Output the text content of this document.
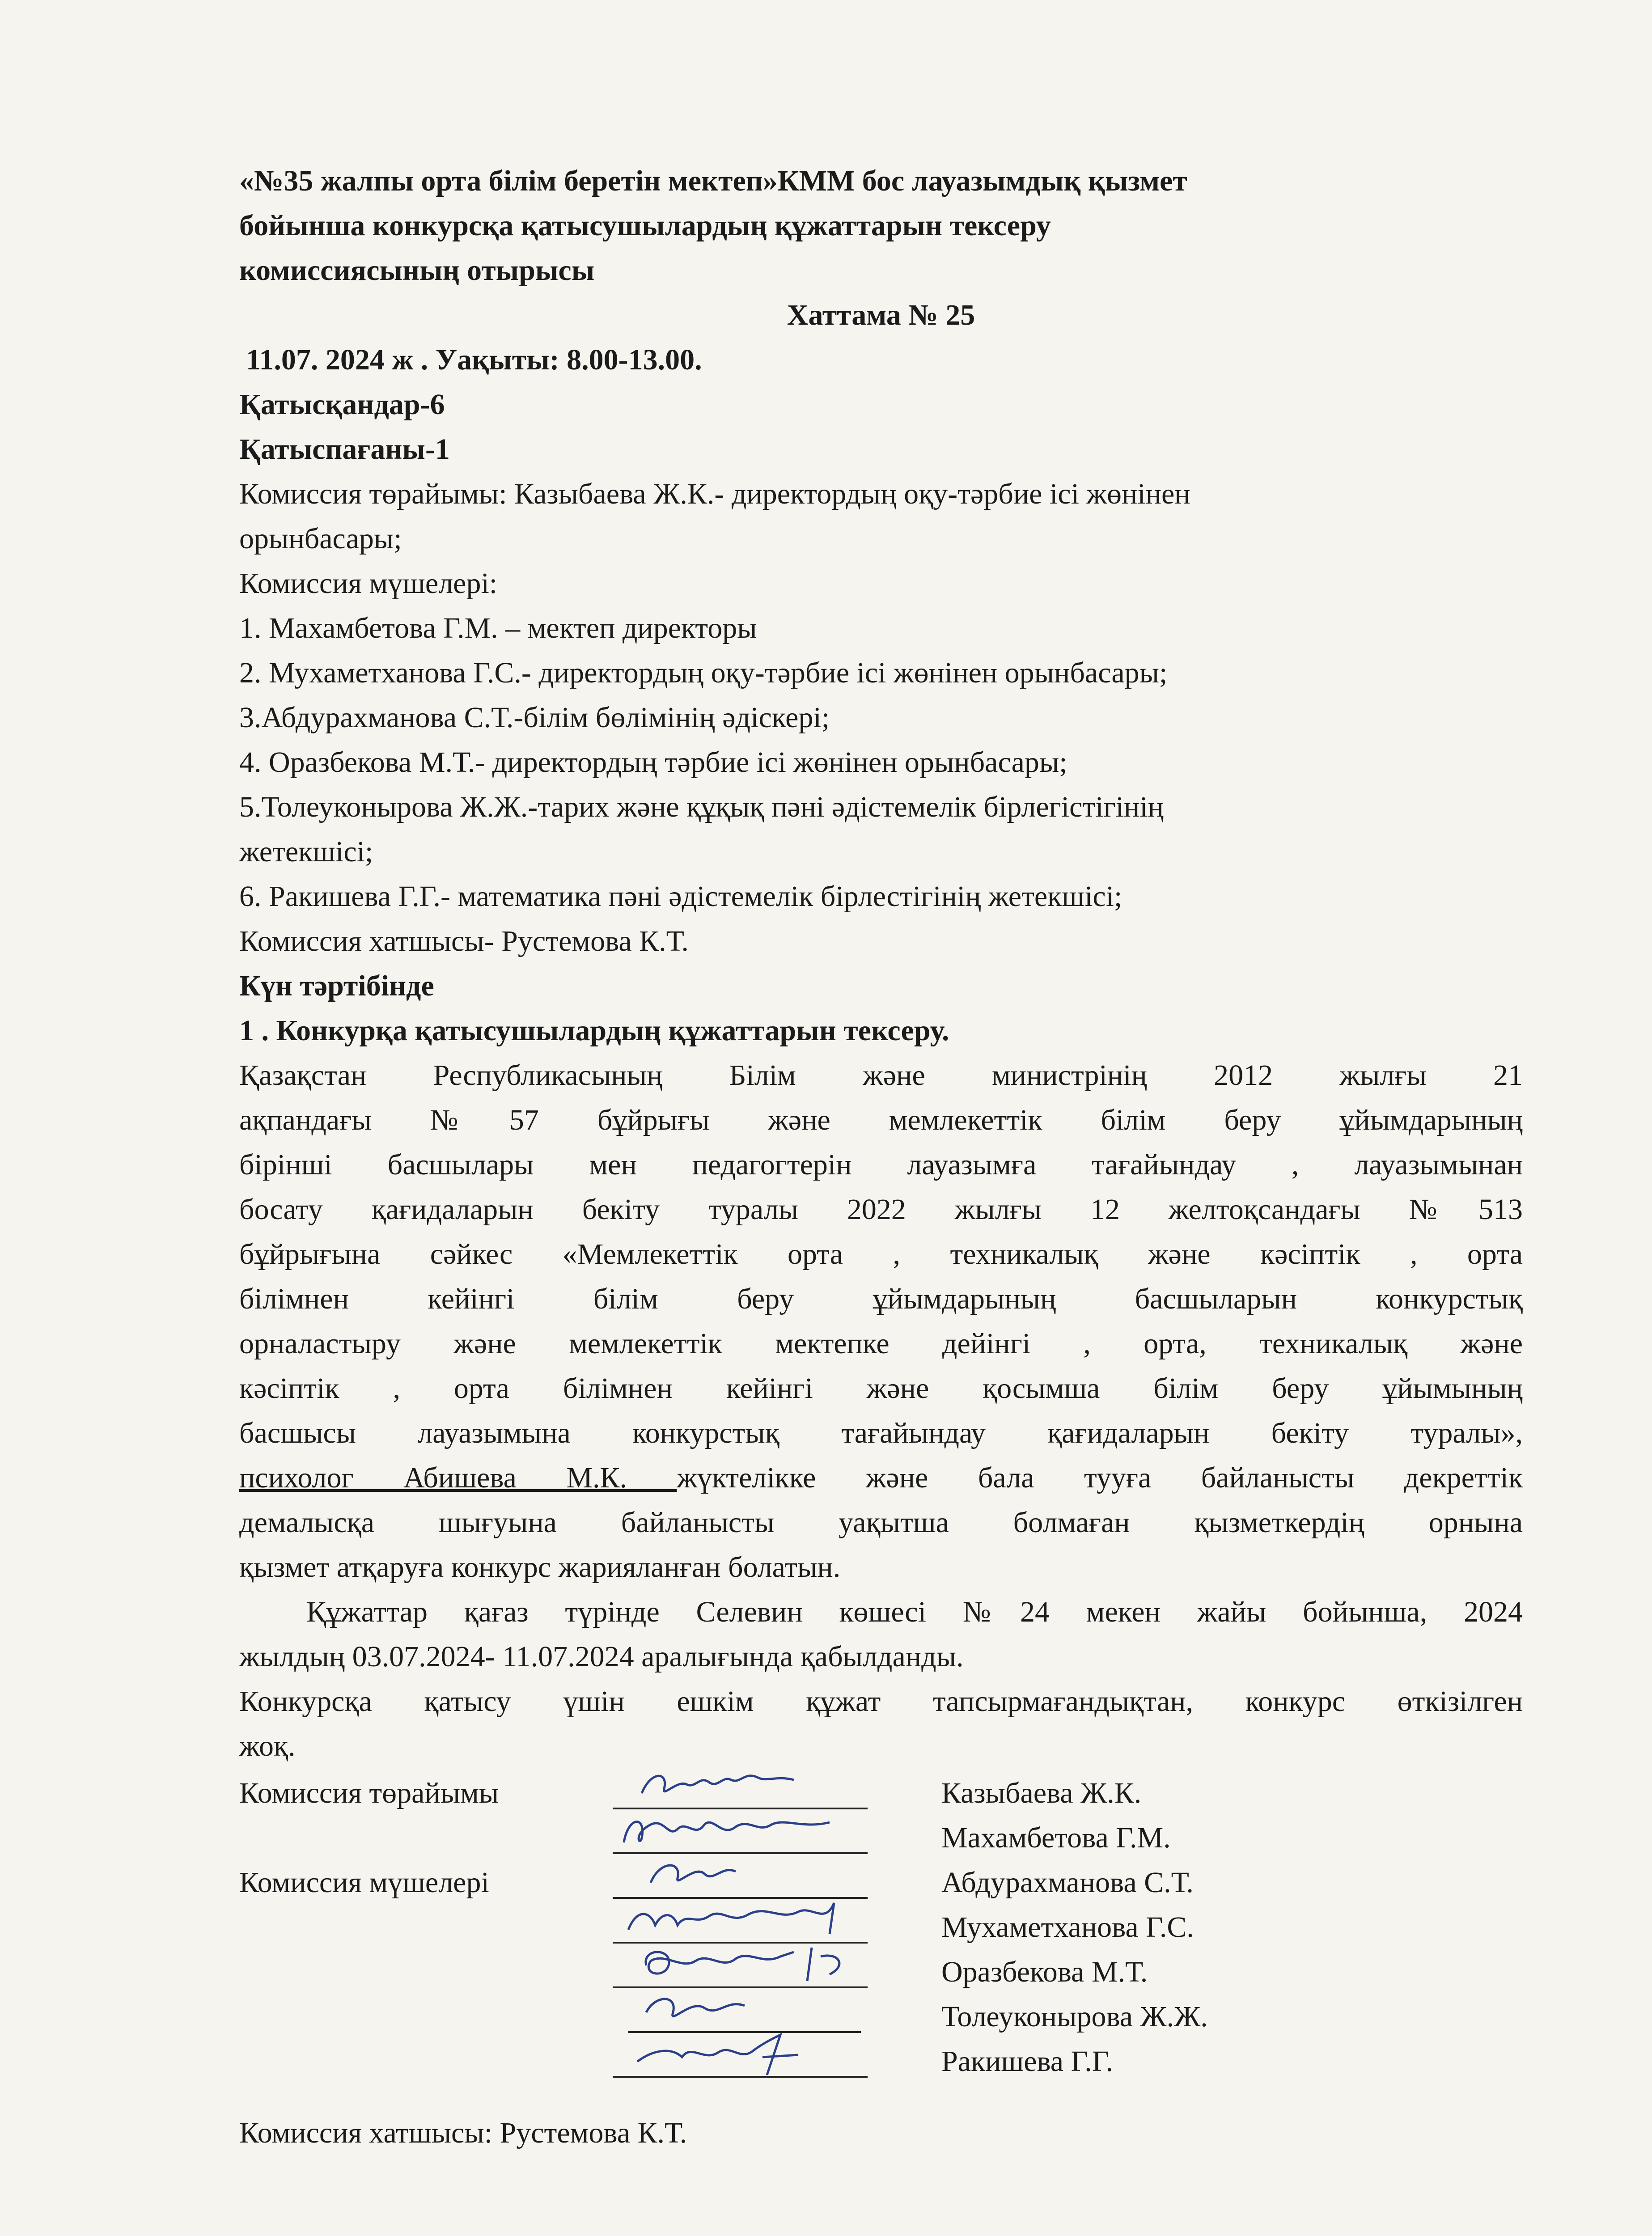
«№35 жалпы орта білім беретін мектеп»КММ бос лауазымдық қызмет
бойынша конкурсқа қатысушылардың құжаттарын тексеру
комиссиясының отырысы
Хаттама № 25
11.07. 2024 ж . Уақыты: 8.00-13.00.
Қатысқандар-6
Қатыспағаны-1
Комиссия төрайымы: Казыбаева Ж.К.- директордың оқу-тәрбие ісі жөнінен
орынбасары;
Комиссия мүшелері:
1. Махамбетова Г.М. – мектеп директоры
2. Мухаметханова Г.С.- директордың оқу-тәрбие ісі жөнінен орынбасары;
3.Абдурахманова С.Т.-білім бөлімінің әдіскері;
4. Оразбекова М.Т.- директордың тәрбие ісі жөнінен орынбасары;
5.Толеуконырова Ж.Ж.-тарих және құқық пәні әдістемелік бірлегістігінің
жетекшісі;
6. Ракишева Г.Г.- математика пәні әдістемелік бірлестігінің жетекшісі;
Комиссия хатшысы- Рустемова К.Т.
Күн тәртібінде
1 . Конкурқа қатысушылардың құжаттарын тексеру.
Қазақстан Республикасының Білім және министрінің 2012 жылғы 21
ақпандағы №57 бұйрығы және мемлекеттік білім беру ұйымдарының
бірінші басшылары мен педагогтерін лауазымға тағайындау , лауазымынан
босату қағидаларын бекіту туралы 2022 жылғы 12 желтоқсандағы №513
бұйрығына сәйкес «Мемлекеттік орта , техникалық және кәсіптік , орта
білімнен кейінгі білім беру ұйымдарының басшыларын конкурстық
орналастыру және мемлекеттік мектепке дейінгі , орта, техникалық және
кәсіптік , орта білімнен кейінгі және қосымша білім беру ұйымының
басшысы лауазымына конкурстық тағайындау қағидаларын бекіту туралы»,
психолог Абишева М.К. жүктелікке және бала тууға байланысты декреттік
демалысқа шығуына байланысты уақытша болмаған қызметкердің орнына
қызмет атқаруға конкурс жарияланған болатын.
Құжаттар қағаз түрінде Селевин көшесі №24 мекен жайы бойынша, 2024
жылдың 03.07.2024- 11.07.2024 аралығында қабылданды.
Конкурсқа қатысу үшін ешкім құжат тапсырмағандықтан, конкурс өткізілген
жоқ.
Комиссия төрайымы
Комиссия мүшелері
Казыбаева Ж.К.
Махамбетова Г.М.
Абдурахманова С.Т.
Мухаметханова Г.С.
Оразбекова М.Т.
Толеуконырова Ж.Ж.
Ракишева Г.Г.
Комиссия хатшысы: Рустемова К.Т.
